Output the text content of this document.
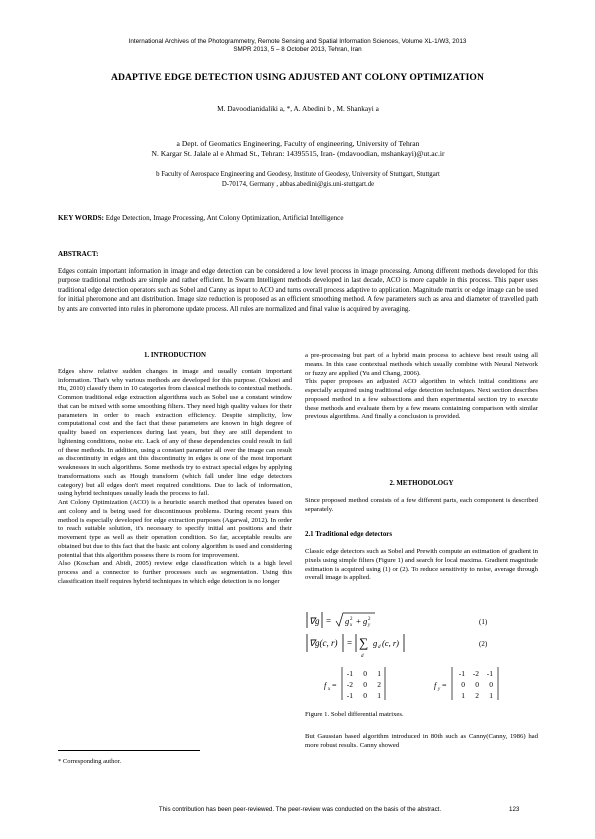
International Archives of the Photogrammetry, Remote Sensing and Spatial Information Sciences, Volume XL-1/W3, 2013
SMPR 2013, 5 – 8 October 2013, Tehran, Iran
ADAPTIVE EDGE DETECTION USING ADJUSTED ANT COLONY OPTIMIZATION
M. Davoodianidaliki a, *, A. Abedini b , M. Shankayi a
a Dept. of Geomatics Engineering, Faculty of engineering, University of Tehran
N. Kargar St. Jalale al e Ahmad St., Tehran: 14395515, Iran- (mdavoodian, mshankayi)@ut.ac.ir
b Faculty of Aerospace Engineering and Geodesy, Institute of Geodesy, University of Stuttgart, Stuttgart
D-70174, Germany , abbas.abedini@gis.uni-stuttgart.de
KEY WORDS: Edge Detection, Image Processing, Ant Colony Optimization, Artificial Intelligence
ABSTRACT:
Edges contain important information in image and edge detection can be considered a low level process in image processing. Among different methods developed for this purpose traditional methods are simple and rather efficient. In Swarm Intelligent methods developed in last decade, ACO is more capable in this process. This paper uses traditional edge detection operators such as Sobel and Canny as input to ACO and turns overall process adaptive to application. Magnitude matrix or edge image can be used for initial pheromone and ant distribution. Image size reduction is proposed as an efficient smoothing method. A few parameters such as area and diameter of travelled path by ants are converted into rules in pheromone update process. All rules are normalized and final value is acquired by averaging.
1. INTRODUCTION
Edges show relative sudden changes in image and usually contain important information. That's why various methods are developed for this purpose. (Oskoei and Hu, 2010) classify them in 10 categories from classical methods to contextual methods.
Common traditional edge extraction algorithms such as Sobel use a constant window that can be mixed with some smoothing filters. They need high quality values for their parameters in order to reach extraction efficiency. Despite simplicity, low computational cost and the fact that these parameters are known in high degree of quality based on experiences during last years, but they are still dependent to lightening conditions, noise etc. Lack of any of these dependencies could result in fail of these methods. In addition, using a constant parameter all over the image can result as discontinuity in edges ant this discontinuity in edges is one of the most important weaknesses in such algorithms. Some methods try to extract special edges by applying transformations such as Hough transform (which fall under line edge detectors category) but all edges don't meet required conditions. Due to lack of information, using hybrid techniques usually leads the process to fail.
Ant Colony Optimization (ACO) is a heuristic search method that operates based on ant colony and is being used for discontinuous problems. During recent years this method is especially developed for edge extraction purposes (Agarwal, 2012). In order to reach suitable solution, it's necessary to specify initial ant positions and their movement type as well as their operation condition. So far, acceptable results are obtained but due to this fact that the basic ant colony algorithm is used and considering potential that this algorithm possess there is room for improvement.
Also (Koschan and Abidi, 2005) review edge classification which is a high level process and a connector to further processes such as segmentation. Using this classification itself requires hybrid techniques in which edge detection is no longer
a pre-processing but part of a hybrid main process to achieve best result using all means. In this case contextual methods which usually combine with Neural Network or fuzzy are applied (Yu and Chang, 2006).
This paper proposes an adjusted ACO algorithm in which initial conditions are especially acquired using traditional edge detection techniques. Next section describes proposed method in a few subsections and then experimental section try to execute these methods and evaluate them by a few means containing comparison with similar previous algorithms. And finally a conclusion is provided.
2. METHODOLOGY
Since proposed method consists of a few different parts, each component is described separately.
2.1 Traditional edge detectors
Classic edge detectors such as Sobel and Prewith compute an estimation of gradient in pixels using simple filters (Figure 1) and search for local maxima. Gradient magnitude estimation is acquired using (1) or (2). To reduce sensitivity to noise, average through overall image is applied.
∇g = g 2
x + g 2
y	(1)
∇g(c, r) = ∑
d
g d (c, r)	(2)
f x =
-1 0 1
-2 0 2
-1 0 1
f y =
-1 -2 -1
0 0 0
1 2 1
Figure 1. Sobel differential matrixes.
But Gaussian based algorithm introduced in 80th such as Canny(Canny, 1986) had more robust results. Canny showed
* Corresponding author.
This contribution has been peer-reviewed. The peer-review was conducted on the basis of the abstract.	123
